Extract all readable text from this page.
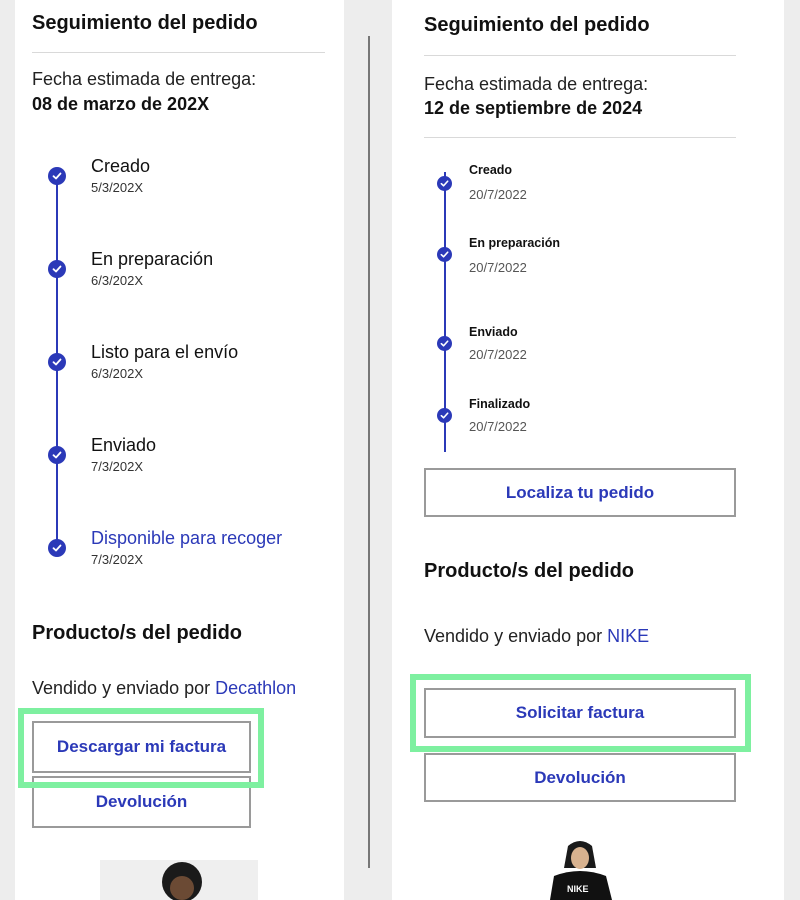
Seguimiento del pedido
Fecha estimada de entrega:
08 de marzo de 202X
Creado
5/3/202X
En preparación
6/3/202X
Listo para el envío
6/3/202X
Enviado
7/3/202X
Disponible para recoger
7/3/202X
Producto/s del pedido
Vendido y enviado por Decathlon
Devolución
Descargar mi factura
Seguimiento del pedido
Fecha estimada de entrega:
12 de septiembre de 2024
Creado
20/7/2022
En preparación
20/7/2022
Enviado
20/7/2022
Finalizado
20/7/2022
Localiza tu pedido
Producto/s del pedido
Vendido y enviado por NIKE
Solicitar factura
Devolución
NIKE
